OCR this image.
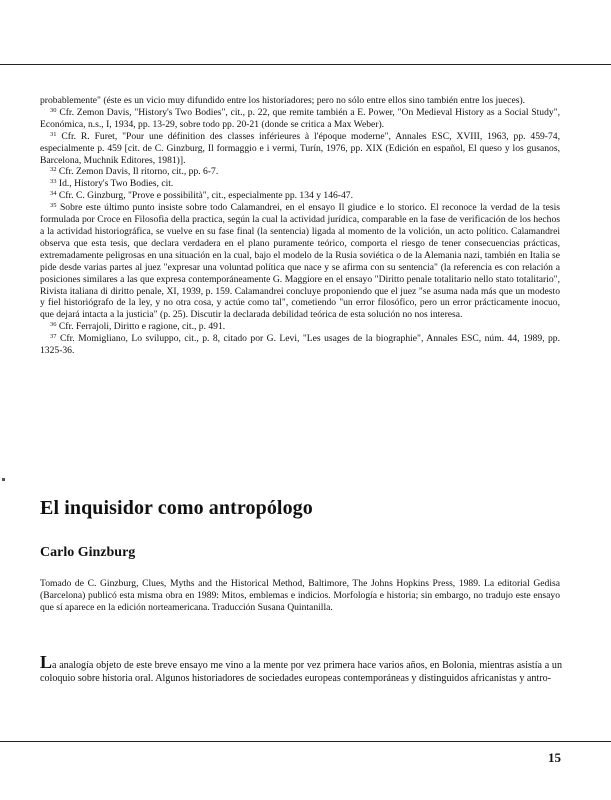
probablemente" (éste es un vicio muy difundido entre los historiadores; pero no sólo entre ellos sino también entre los jueces).

$^{30}$ Cfr. Zemon Davis, "History's Two Bodies", cit., p. 22, que remite también a E. Power, "On Medieval History as a Social Study", Económica, n.s., I, 1934, pp. 13-29, sobre todo pp. 20-21 (donde se critica a Max Weber).

$^{31}$ Cfr. R. Furet, "Pour une définition des classes inférieures à l'époque moderne", Annales ESC, XVIII, 1963, pp. 459-74, especialmente p. 459 [cit. de C. Ginzburg, Il formaggio e i vermi, Turín, 1976, pp. XIX (Edición en español, El queso y los gusanos, Barcelona, Muchnik Editores, 1981)].

$^{32}$ Cfr. Zemon Davis, Il ritorno, cit., pp. 6-7.

$^{33}$ Id., History's Two Bodies, cit.

$^{34}$ Cfr. C. Ginzburg, "Prove e possibilità", cit., especialmente pp. 134 y 146-47.

$^{35}$ Sobre este último punto insiste sobre todo Calamandrei, en el ensayo Il giudice e lo storico. El reconoce la verdad de la tesis formulada por Croce en Filosofia della practica, según la cual la actividad jurídica, comparable en la fase de verificación de los hechos a la actividad historiográfica, se vuelve en su fase final (la sentencia) ligada al momento de la volición, un acto político. Calamandrei observa que esta tesis, que declara verdadera en el plano puramente teórico, comporta el riesgo de tener consecuencias prácticas, extremadamente peligrosas en una situación en la cual, bajo el modelo de la Rusia soviética o de la Alemania nazi, también en Italia se pide desde varias partes al juez "expresar una voluntad política que nace y se afirma con su sentencia" (la referencia es con relación a posiciones similares a las que expresa contemporáneamente G. Maggiore en el ensayo "Diritto penale totalitario nello stato totalitario", Rivista italiana di diritto penale, XI, 1939, p. 159. Calamandrei concluye proponiendo que el juez "se asuma nada más que un modesto y fiel historiógrafo de la ley, y no otra cosa, y actúe como tal", cometiendo "un error filosófico, pero un error prácticamente inocuo, que dejará intacta a la justicia" (p. 25). Discutir la declarada debilidad teórica de esta solución no nos interesa.

$^{36}$ Cfr. Ferrajoli, Diritto e ragione, cit., p. 491.

$^{37}$ Cfr. Momigliano, Lo sviluppo, cit., p. 8, citado por G. Levi, "Les usages de la biographie", Annales ESC, núm. 44, 1989, pp. 1325-36.

El inquisidor como antropólogo
Carlo Ginzburg

Tomado de C. Ginzburg, Clues, Myths and the Historical Method, Baltimore, The Johns Hopkins Press, 1989. La editorial Gedisa (Barcelona) publicó esta misma obra en 1989: Mitos, emblemas e indicios. Morfología e historia; sin embargo, no tradujo este ensayo que sí aparece en la edición norteamericana. Traducción Susana Quintanilla.

La analogía objeto de este breve ensayo me vino a la mente por vez primera hace varios años, en Bolonia, mientras asistía a un coloquio sobre historia oral. Algunos historiadores de sociedades europeas contemporáneas y distinguidos africanistas y antro-

15
